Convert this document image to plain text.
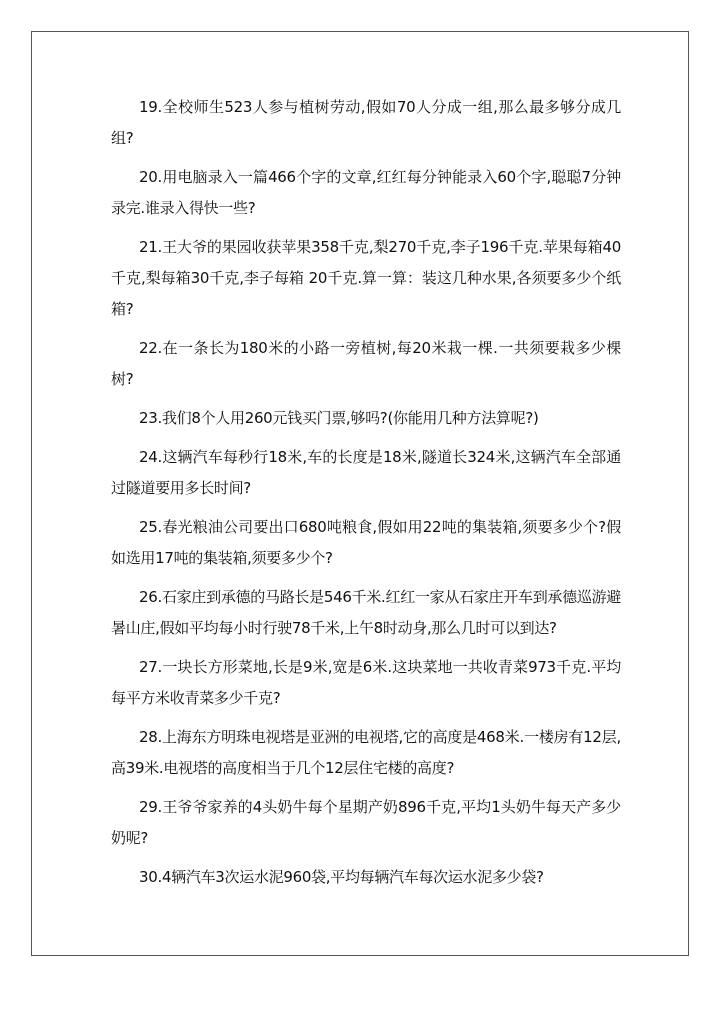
19.全校师生523人参与植树劳动,假如70人分成一组,那么最多够分成几组?

20.用电脑录入一篇466个字的文章,红红每分钟能录入60个字,聪聪7分钟录完.谁录入得快一些?

21.王大爷的果园收获苹果358千克,梨270千克,李子196千克.苹果每箱40千克,梨每箱30千克,李子每箱 20千克.算一算：装这几种水果,各须要多少个纸箱?

22.在一条长为180米的小路一旁植树,每20米栽一棵.一共须要栽多少棵树?

23.我们8个人用260元钱买门票,够吗?(你能用几种方法算呢?)

24.这辆汽车每秒行18米,车的长度是18米,隧道长324米,这辆汽车全部通过隧道要用多长时间?

25.春光粮油公司要出口680吨粮食,假如用22吨的集装箱,须要多少个?假如选用17吨的集装箱,须要多少个?

26.石家庄到承德的马路长是546千米.红红一家从石家庄开车到承德巡游避暑山庄,假如平均每小时行驶78千米,上午8时动身,那么几时可以到达?

27.一块长方形菜地,长是9米,宽是6米.这块菜地一共收青菜973千克.平均每平方米收青菜多少千克?

28.上海东方明珠电视塔是亚洲的电视塔,它的高度是468米.一楼房有12层,高39米.电视塔的高度相当于几个12层住宅楼的高度?

29.王爷爷家养的4头奶牛每个星期产奶896千克,平均1头奶牛每天产多少奶呢?

30.4辆汽车3次运水泥960袋,平均每辆汽车每次运水泥多少袋?
